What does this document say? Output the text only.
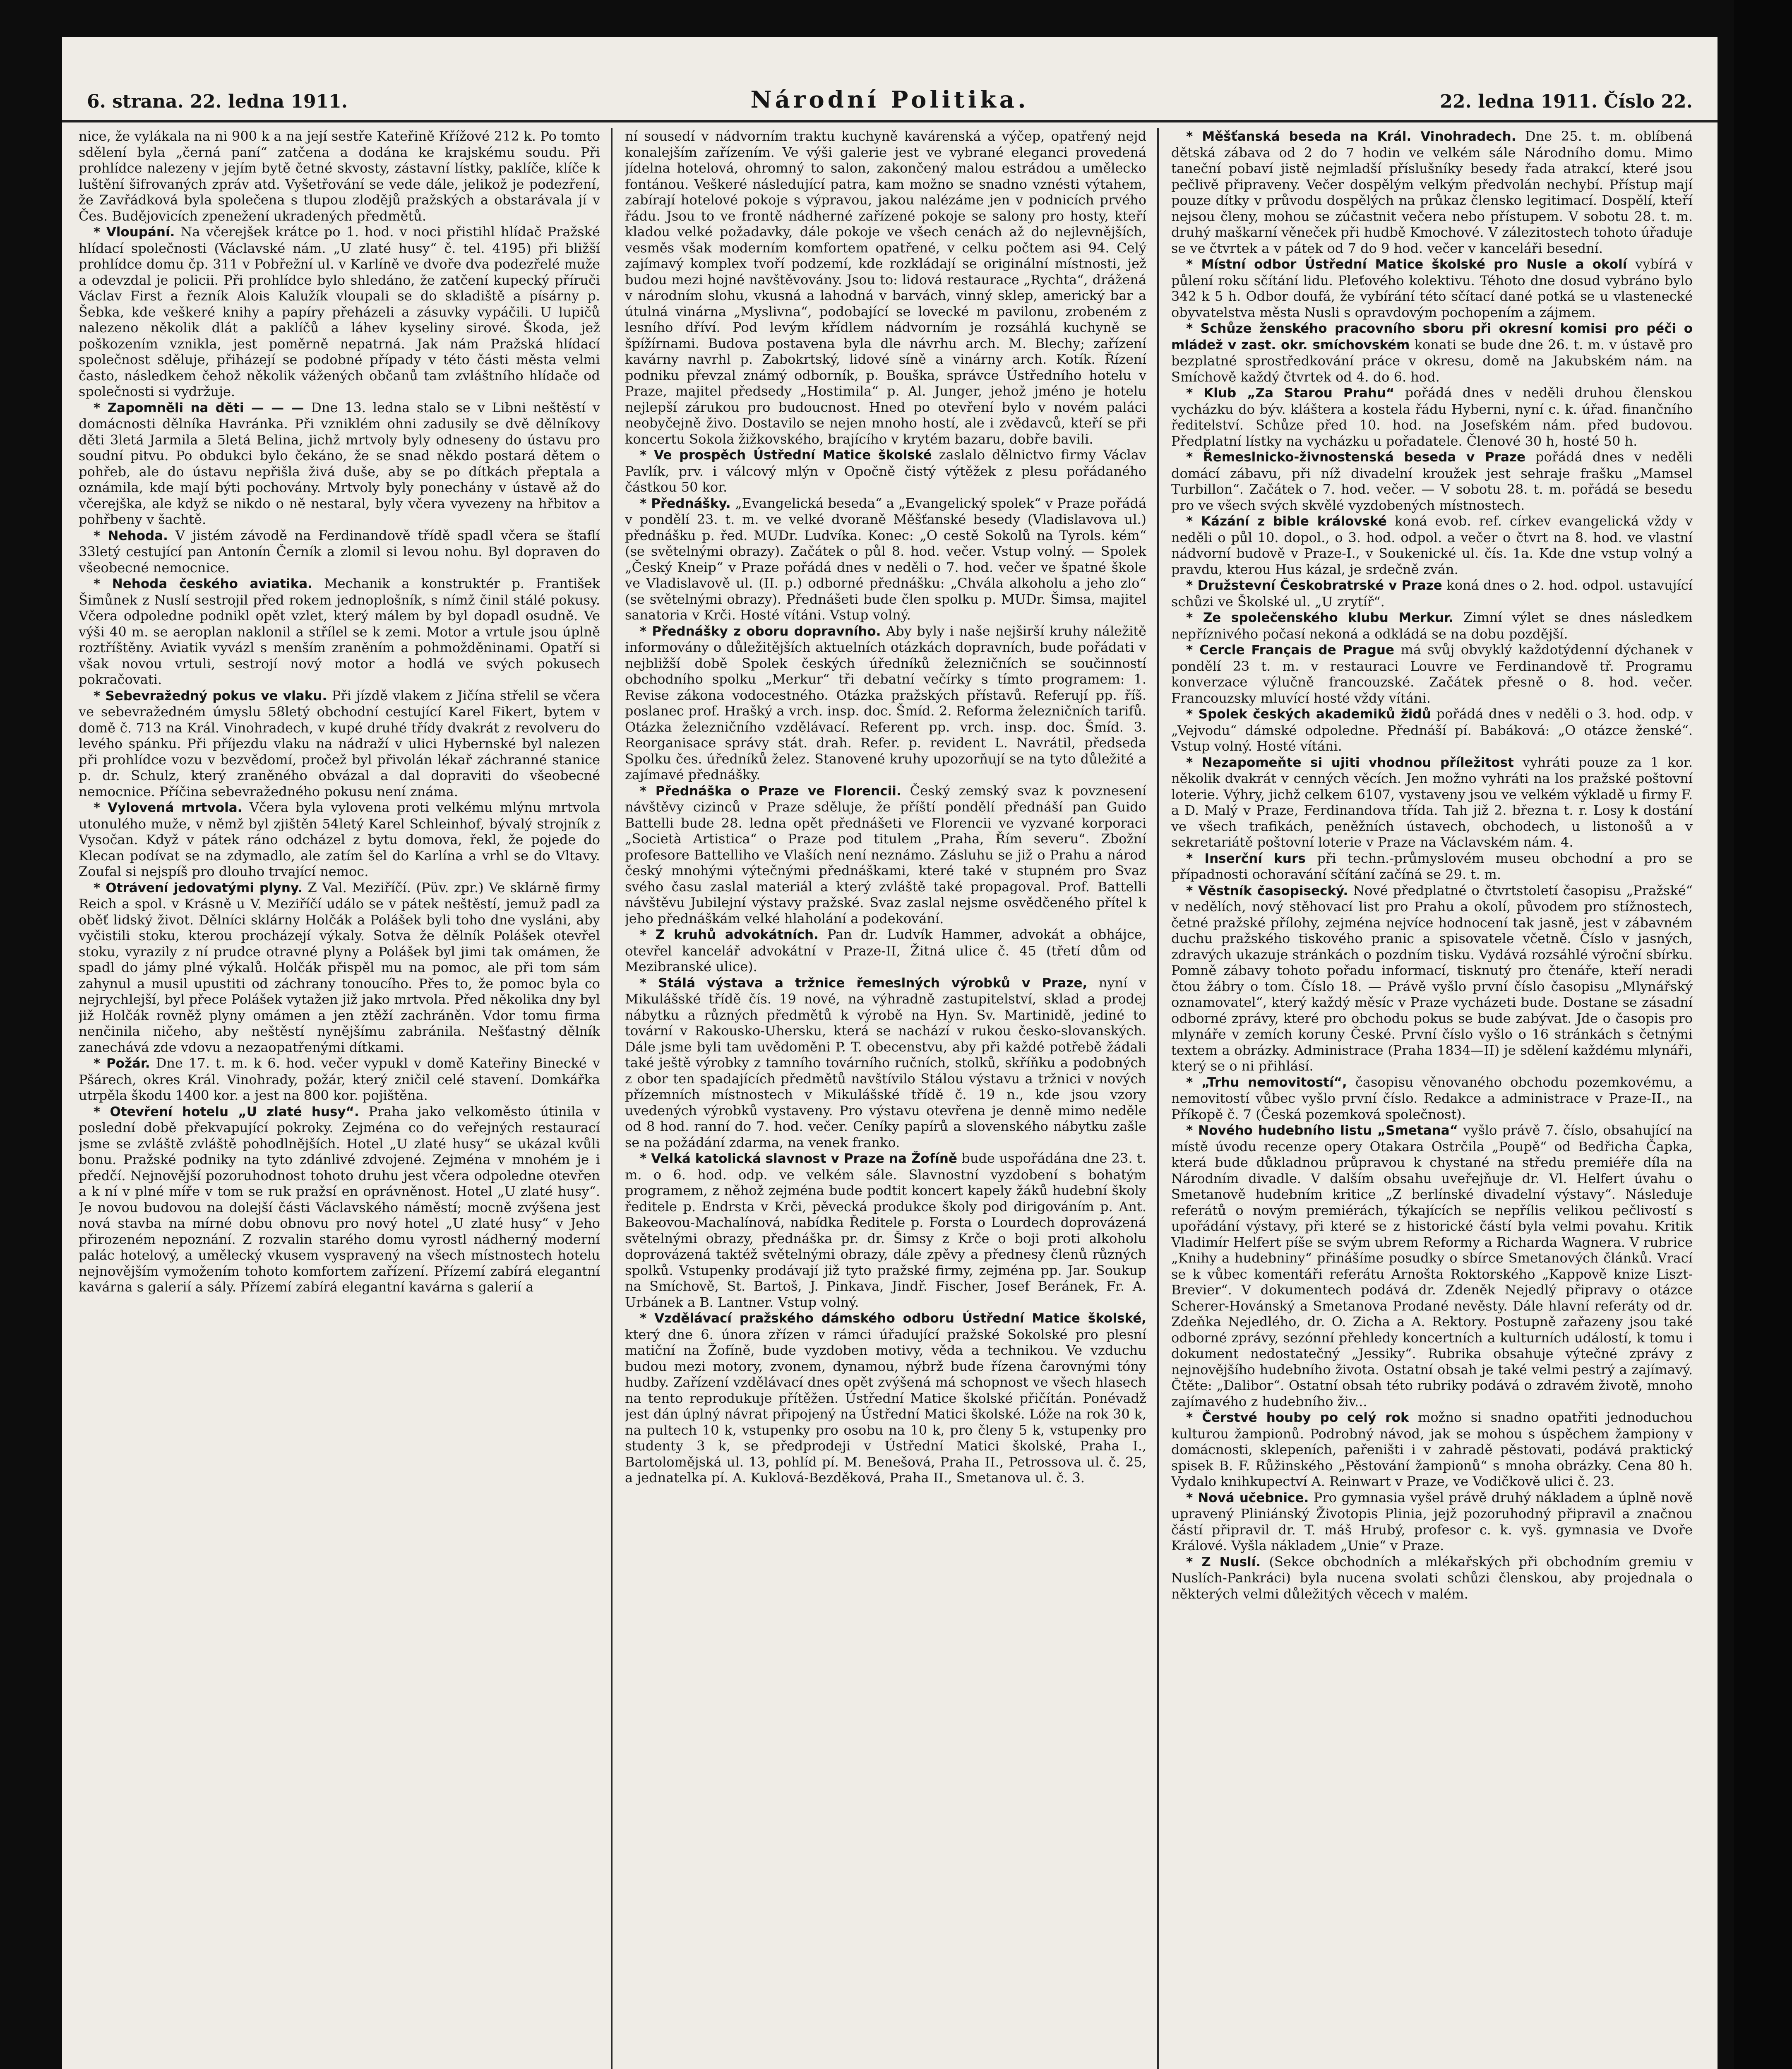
6. strana. 22. ledna 1911.	Národní Politika.	22. ledna 1911. Číslo 22.

nice, že vylákala na ni 900 k a na její sestře Kateřině Křížové 212 k. Po tomto sdělení byla „černá paní“ zatčena a dodána ke krajskému soudu. Při prohlídce nalezeny v jejím bytě četné skvosty, zástavní lístky, paklíče, klíče k luštění šifrovaných zpráv atd. Vyšetřování se vede dále, jelikož je podezření, že Zavřádková byla společena s tlupou zlodějů pražských a obstarávala jí v Čes. Budějovicích zpenežení ukradených předmětů.

* Vloupání. Na včerejšek krátce po 1. hod. v noci přistihl hlídač Pražské hlídací společnosti (Václavské nám. „U zlaté husy“ č. tel. 4195) při bližší prohlídce domu čp. 311 v Pobřežní ul. v Karlíně ve dvoře dva podezřelé muže a odevzdal je policii. Při prohlídce bylo shledáno, že zatčení kupecký příruči Václav First a řezník Alois Kalužík vloupali se do skladiště a písárny p. Šebka, kde veškeré knihy a papíry přeházeli a zásuvky vypáčili. U lupičů nalezeno několik dlát a paklíčů a láhev kyseliny sirové. Škoda, jež poškozením vznikla, jest poměrně nepatrná. Jak nám Pražská hlídací společnost sděluje, přiházejí se podobné případy v této části města velmi často, následkem čehož několik vážených občanů tam zvláštního hlídače od společnosti si vydržuje.

* Zapomněli na děti — — — Dne 13. ledna stalo se v Libni neštěstí v domácnosti dělníka Havránka. Při vzniklém ohni zadusily se dvě dělníkovy děti 3letá Jarmila a 5letá Belina, jichž mrtvoly byly odneseny do ústavu pro soudní pitvu. Po obdukci bylo čekáno, že se snad někdo postará dětem o pohřeb, ale do ústavu nepřišla živá duše, aby se po dítkách přeptala a oznámila, kde mají býti pochovány. Mrtvoly byly ponechány v ústavě až do včerejška, ale když se nikdo o ně nestaral, byly včera vyvezeny na hřbitov a pohřbeny v šachtě.

* Nehoda. V jistém závodě na Ferdinandově třídě spadl včera se štaflí 33letý cestující pan Antonín Černík a zlomil si levou nohu. Byl dopraven do všeobecné nemocnice.

* Nehoda českého aviatika. Mechanik a konstruktér p. František Šimůnek z Nuslí sestrojil před rokem jednoplošník, s nímž činil stálé pokusy. Včera odpoledne podnikl opět vzlet, který málem by byl dopadl osudně. Ve výši 40 m. se aeroplan naklonil a střílel se k zemi. Motor a vrtule jsou úplně roztříštěny. Aviatik vyvázl s menším zraněním a pohmožděninami. Opatří si však novou vrtuli, sestrojí nový motor a hodlá ve svých pokusech pokračovati.

* Sebevražedný pokus ve vlaku. Při jízdě vlakem z Jičína střelil se včera ve sebevražedném úmyslu 58letý obchodní cestující Karel Fikert, bytem v domě č. 713 na Král. Vinohradech, v kupé druhé třídy dvakrát z revolveru do levého spánku. Při příjezdu vlaku na nádraží v ulici Hybernské byl nalezen při prohlídce vozu v bezvědomí, pročež byl přivolán lékař záchranné stanice p. dr. Schulz, který zraněného obvázal a dal dopraviti do všeobecné nemocnice. Příčina sebevražedného pokusu není známa.

* Vylovená mrtvola. Včera byla vylovena proti velkému mlýnu mrtvola utonulého muže, v němž byl zjištěn 54letý Karel Schleinhof, bývalý strojník z Vysočan. Když v pátek ráno odcházel z bytu domova, řekl, že pojede do Klecan podívat se na zdymadlo, ale zatím šel do Karlína a vrhl se do Vltavy. Zoufal si nejspíš pro dlouho trvající nemoc.

* Otrávení jedovatými plyny. Z Val. Meziříčí. (Püv. zpr.) Ve sklárně firmy Reich a spol. v Krásně u V. Meziříčí událo se v pátek neštěstí, jemuž padl za oběť lidský život. Dělníci sklárny Holčák a Polášek byli toho dne vysláni, aby vyčistili stoku, kterou procházejí výkaly. Sotva že dělník Polášek otevřel stoku, vyrazily z ní prudce otravné plyny a Polášek byl jimi tak omámen, že spadl do jámy plné výkalů. Holčák přispěl mu na pomoc, ale při tom sám zahynul a musil upustiti od záchrany tonoucího. Přes to, že pomoc byla co nejrychlejší, byl přece Polášek vytažen již jako mrtvola. Před několika dny byl již Holčák rovněž plyny omámen a jen ztěží zachráněn. Vdor tomu firma nenčinila ničeho, aby neštěstí nynějšímu zabránila. Nešťastný dělník zanechává zde vdovu a nezaopatřenými dítkami.

* Požár. Dne 17. t. m. k 6. hod. večer vypukl v domě Kateřiny Binecké v Pšárech, okres Král. Vinohrady, požár, který zničil celé stavení. Domkářka utrpěla škodu 1400 kor. a jest na 800 kor. pojištěna.

* Otevření hotelu „U zlaté husy“. Praha jako velkoměsto útinila v poslední době překvapující pokroky. Zejména co do veřejných restaurací jsme se zvláště zvláště pohodlnějších. Hotel „U zlaté husy“ se ukázal kvůli bonu. Pražské podniky na tyto zdánlivé zdvojené. Zejména v mnohém je i předčí. Nejnovější pozoruhodnost tohoto druhu jest včera odpoledne otevřen a k ní v plné míře v tom se ruk pražsí en oprávněnost. Hotel „U zlaté husy“. Je novou budovou na dolejší části Václavského náměstí; mocně zvýšena jest nová stavba na mírné dobu obnovu pro nový hotel „U zlaté husy“ v Jeho přirozeném nepoznání. Z rozvalin starého domu vyrostl nádherný moderní palác hotelový, a umělecký vkusem vyspravený na všech místnostech hotelu nejnovějším vymožením tohoto komfortem zařízení. Přízemí zabírá elegantní kavárna s galerií a sály. Přízemí zabírá elegantní kavárna s galerií a

ní sousedí v nádvorním traktu kuchyně kavárenská a výčep, opatřený nejd konalejším zařízením. Ve výši galerie jest ve vybrané eleganci provedená jídelna hotelová, ohromný to salon, zakončený malou estrádou a umělecko fontánou. Veškeré následující patra, kam možno se snadno vznésti výtahem, zabírají hotelové pokoje s výpravou, jakou nalézáme jen v podnicích prvého řádu. Jsou to ve frontě nádherné zařízené pokoje se salony pro hosty, kteří kladou velké požadavky, dále pokoje ve všech cenách až do nejlevnějších, vesměs však moderním komfortem opatřené, v celku počtem asi 94. Celý zajímavý komplex tvoří podzemí, kde rozkládají se originální místnosti, jež budou mezi hojné navštěvovány. Jsou to: lidová restaurace „Rychta“, drážená v národním slohu, vkusná a lahodná v barvách, vinný sklep, americký bar a útulná vinárna „Myslivna“, podobající se lovecké m pavilonu, zrobeném z lesního dříví. Pod levým křídlem nádvorním je rozsáhlá kuchyně se špížírnami. Budova postavena byla dle návrhu arch. M. Blechy; zařízení kavárny navrhl p. Zabokrtský, lidové síně a vinárny arch. Kotík. Řízení podniku převzal známý odborník, p. Bouška, správce Ústředního hotelu v Praze, majitel předsedy „Hostimila“ p. Al. Junger, jehož jméno je hotelu nejlepší zárukou pro budoucnost. Hned po otevření bylo v novém paláci neobyčejně živo. Dostavilo se nejen mnoho hostí, ale i zvědavců, kteří se při koncertu Sokola žižkovského, brajícího v krytém bazaru, dobře bavili.

* Ve prospěch Ústřední Matice školské zaslalo dělnictvo firmy Václav Pavlík, prv. i válcový mlýn v Opočně čistý výtěžek z plesu pořádaného částkou 50 kor.

* Přednášky. „Evangelická beseda“ a „Evangelický spolek“ v Praze pořádá v pondělí 23. t. m. ve velké dvoraně Měšťanské besedy (Vladislavova ul.) přednášku p. řed. MUDr. Ludvíka. Konec: „O cestě Sokolů na Tyrols. kém“ (se světelnými obrazy). Začátek o půl 8. hod. večer. Vstup volný. — Spolek „Český Kneip“ v Praze pořádá dnes v neděli o 7. hod. večer ve špatné škole ve Vladislavově ul. (II. p.) odborné přednášku: „Chvála alkoholu a jeho zlo“ (se světelnými obrazy). Přednášeti bude člen spolku p. MUDr. Šimsa, majitel sanatoria v Krči. Hosté vítáni. Vstup volný.

* Přednášky z oboru dopravního. Aby byly i naše nejširší kruhy náležitě informovány o důležitějších aktuelních otázkách dopravních, bude pořádati v nejbližší době Spolek českých úředníků železničních se součinností obchodního spolku „Merkur“ tři debatní večírky s tímto programem: 1. Revise zákona vodocestného. Otázka pražských přístavů. Referují pp. říš. poslanec prof. Hrašký a vrch. insp. doc. Šmíd. 2. Reforma železničních tarifů. Otázka železničního vzdělávací. Referent pp. vrch. insp. doc. Šmíd. 3. Reorganisace správy stát. drah. Refer. p. revident L. Navrátil, předseda Spolku čes. úředníků želez. Stanovené kruhy upozorňují se na tyto důležité a zajímavé přednášky.

* Přednáška o Praze ve Florencii. Český zemský svaz k povznesení návštěvy cizinců v Praze sděluje, že příští pondělí přednáší pan Guido Battelli bude 28. ledna opět přednášeti ve Florencii ve vyzvané korporaci „Società Artistica“ o Praze pod titulem „Praha, Řím severu“. Zbožní profesore Battelliho ve Vlaších není neznámo. Zásluhu se již o Prahu a národ český mnohými výtečnými přednáškami, které také v stupném pro Svaz svého času zaslal materiál a který zvláště také propagoval. Prof. Battelli návštěvu Jubilejní výstavy pražské. Svaz zaslal nejsme osvědčeného přítel k jeho přednáškám velké hlaholání a podekování.

* Z kruhů advokátních. Pan dr. Ludvík Hammer, advokát a obhájce, otevřel kancelář advokátní v Praze-II, Žitná ulice č. 45 (třetí dům od Mezibranské ulice).

* Stálá výstava a tržnice řemeslných výrobků v Praze, nyní v Mikulášské třídě čís. 19 nové, na výhradně zastupitelství, sklad a prodej nábytku a různých předmětů k výrobě na Hyn. Sv. Martinidě, jediné to tovární v Rakousko-Uhersku, která se nachází v rukou česko-slovanských. Dále jsme byli tam uvědoměni P. T. obecenstvu, aby při každé potřebě žádali také ještě výrobky z tamního továrního ručních, stolků, skříňku a podobných z obor ten spadajících předmětů navštívilo Stálou výstavu a tržnici v nových přízemních místnostech v Mikulášské třídě č. 19 n., kde jsou vzory uvedených výrobků vystaveny. Pro výstavu otevřena je denně mimo neděle od 8 hod. ranní do 7. hod. večer. Ceníky papírů a slovenského nábytku zašle se na požádání zdarma, na venek franko.

* Velká katolická slavnost v Praze na Žofíně bude uspořádána dne 23. t. m. o 6. hod. odp. ve velkém sále. Slavnostní vyzdobení s bohatým programem, z něhož zejména bude podtit koncert kapely žáků hudební školy ředitele p. Endrsta v Krči, pěvecká produkce školy pod dirigováním p. Ant. Bakeovou-Machalínová, nabídka Ředitele p. Forsta o Lourdech doprovázená světelnými obrazy, přednáška pr. dr. Šimsy z Krče o boji proti alkoholu doprovázená taktéž světelnými obrazy, dále zpěvy a přednesy členů různých spolků. Vstupenky prodávají již tyto pražské firmy, zejména pp. Jar. Soukup na Smíchově, St. Bartoš, J. Pinkava, Jindř. Fischer, Josef Beránek, Fr. A. Urbánek a B. Lantner. Vstup volný.

* Vzdělávací pražského dámského odboru Ústřední Matice školské, který dne 6. února zřízen v rámci úřadující pražské Sokolské pro plesní matiční na Žofíně, bude vyzdoben motivy, věda a technikou. Ve vzduchu budou mezi motory, zvonem, dynamou, nýbrž bude řízena čarovnými tóny hudby. Zařízení vzdělávací dnes opět zvýšená má schopnost ve všech hlasech na tento reprodukuje přítěžen. Ústřední Matice školské přičítán. Ponévadž jest dán úplný návrat připojený na Ústřední Matici školské. Lóže na rok 30 k, na pultech 10 k, vstupenky pro osobu na 10 k, pro členy 5 k, vstupenky pro studenty 3 k, se předprodeji v Ústřední Matici školské, Praha I., Bartolomějská ul. 13, pohlíd pí. M. Benešová, Praha II., Petrossova ul. č. 25, a jednatelka pí. A. Kuklová-Bezděková, Praha II., Smetanova ul. č. 3.

* Měšťanská beseda na Král. Vinohradech. Dne 25. t. m. oblíbená dětská zábava od 2 do 7 hodin ve velkém sále Národního domu. Mimo taneční pobaví jistě nejmladší příslušníky besedy řada atrakcí, které jsou pečlivě připraveny. Večer dospělým velkým předvolán nechybí. Přístup mají pouze dítky v průvodu dospělých na průkaz člensko legitimací. Dospělí, kteří nejsou členy, mohou se zúčastnit večera nebo přístupem. V sobotu 28. t. m. druhý maškarní věneček při hudbě Kmochové. V zálezitostech tohoto úřaduje se ve čtvrtek a v pátek od 7 do 9 hod. večer v kanceláři besední.

* Místní odbor Ústřední Matice školské pro Nusle a okolí vybírá v půlení roku sčítání lidu. Pleťového kolektivu. Téhoto dne dosud vybráno bylo 342 k 5 h. Odbor doufá, že vybírání této sčítací dané potká se u vlastenecké obyvatelstva města Nusli s opravdovým pochopením a zájmem.

* Schůze ženského pracovního sboru při okresní komisi pro péči o mládež v zast. okr. smíchovském konati se bude dne 26. t. m. v ústavě pro bezplatné sprostředkování práce v okresu, domě na Jakubském nám. na Smíchově každý čtvrtek od 4. do 6. hod.

* Klub „Za Starou Prahu“ pořádá dnes v neděli druhou členskou vycházku do býv. kláštera a kostela řádu Hyberni, nyní c. k. úřad. finančního ředitelství. Schůze před 10. hod. na Josefském nám. před budovou. Předplatní lístky na vycházku u pořadatele. Členové 30 h, hosté 50 h.

* Řemeslnicko-živnostenská beseda v Praze pořádá dnes v neděli domácí zábavu, při níž divadelní kroužek jest sehraje frašku „Mamsel Turbillon“. Začátek o 7. hod. večer. — V sobotu 28. t. m. pořádá se besedu pro ve všech svých skvělé vyzdobených místnostech.

* Kázání z bible královské koná evob. ref. církev evangelická vždy v neděli o půl 10. dopol., o 3. hod. odpol. a večer o čtvrt na 8. hod. ve vlastní nádvorní budově v Praze-I., v Soukenické ul. čís. 1a. Kde dne vstup volný a pravdu, kterou Hus kázal, je srdečně zván.

* Družstevní Českobratrské v Praze koná dnes o 2. hod. odpol. ustavující schůzi ve Školské ul. „U zrytíř“.

* Ze společenského klubu Merkur. Zimní výlet se dnes následkem nepříznivého počasí nekoná a odkládá se na dobu pozdější.

* Cercle Français de Prague má svůj obvyklý každotýdenní dýchanek v pondělí 23 t. m. v restauraci Louvre ve Ferdinandově tř. Programu konverzace výlučně francouzské. Začátek přesně o 8. hod. večer. Francouzsky mluvící hosté vždy vítáni.

* Spolek českých akademiků židů pořádá dnes v neděli o 3. hod. odp. v „Vejvodu“ dámské odpoledne. Přednáší pí. Babáková: „O otázce ženské“. Vstup volný. Hosté vítáni.

* Nezapomeňte si ujiti vhodnou příležitost vyhráti pouze za 1 kor. několik dvakrát v cenných věcích. Jen možno vyhráti na los pražské poštovní loterie. Výhry, jichž celkem 6107, vystaveny jsou ve velkém výkladě u firmy F. a D. Malý v Praze, Ferdinandova třída. Tah již 2. března t. r. Losy k dostání ve všech trafikách, peněžních ústavech, obchodech, u listonošů a v sekretariátě poštovní loterie v Praze na Václavském nám. 4.

* Inserční kurs při techn.-průmyslovém museu obchodní a pro se případnosti ochoravání sčítání začíná se 29. t. m.

* Věstník časopisecký. Nové předplatné o čtvrtstoletí časopisu „Pražské“ v nedělích, nový stěhovací list pro Prahu a okolí, původem pro stížnostech, četné pražské přílohy, zejména nejvíce hodnocení tak jasně, jest v zábavném duchu pražského tiskového pranic a spisovatele včetně. Číslo v jasných, zdravých ukazuje stránkách o pozdním tisku. Vydává rozsáhlé výroční sbírku. Pomně zábavy tohoto pořadu informací, tisknutý pro čtenáře, kteří neradi čtou žábry o tom. Číslo 18. — Právě vyšlo první číslo časopisu „Mlynářský oznamovatel“, který každý měsíc v Praze vycházeti bude. Dostane se zásadní odborné zprávy, které pro obchodu pokus se bude zabývat. Jde o časopis pro mlynáře v zemích koruny České. První číslo vyšlo o 16 stránkách s četnými textem a obrázky. Administrace (Praha 1834—II) je sdělení každému mlynáři, který se o ni přihlásí.

* „Trhu nemovitostí“, časopisu věnovaného obchodu pozemkovému, a nemovitostí vůbec vyšlo první číslo. Redakce a administrace v Praze-II., na Příkopě č. 7 (Česká pozemková společnost).

* Nového hudebního listu „Smetana“ vyšlo právě 7. číslo, obsahující na místě úvodu recenze opery Otakara Ostrčila „Poupě“ od Bedřicha Čapka, která bude důkladnou průpravou k chystané na středu premiéře díla na Národním divadle. V dalším obsahu uveřejňuje dr. Vl. Helfert úvahu o Smetanově hudebním kritice „Z berlínské divadelní výstavy“. Následuje referátů o novým premiérách, týkajících se nepřílis velikou pečlivostí s upořádání výstavy, při které se z historické částí byla velmi povahu. Kritik Vladimír Helfert píše se svým ubrem Reformy a Richarda Wagnera. V rubrice „Knihy a hudebniny“ přinášíme posudky o sbírce Smetanových článků. Vrací se k vůbec komentáři referátu Arnošta Roktorského „Kappově knize Liszt-Brevier“. V dokumentech podává dr. Zdeněk Nejedlý připravy o otázce Scherer-Hovánský a Smetanova Prodané nevěsty. Dále hlavní referáty od dr. Zdeňka Nejedlého, dr. O. Zicha a A. Rektory. Postupně zařazeny jsou také odborné zprávy, sezónní přehledy koncertních a kulturních událostí, k tomu i dokument nedostatečný „Jessiky“. Rubrika obsahuje výtečné zprávy z nejnovějšího hudebního života. Ostatní obsah je také velmi pestrý a zajímavý. Čtěte: „Dalibor“. Ostatní obsah této rubriky podává o zdravém životě, mnoho zajímavého z hudebního živ...

* Čerstvé houby po celý rok možno si snadno opatřiti jednoduchou kulturou žampionů. Podrobný návod, jak se mohou s úspěchem žampiony v domácnosti, sklepeních, pařeništi i v zahradě pěstovati, podává praktický spisek B. F. Růžinského „Pěstování žampionů“ s mnoha obrázky. Cena 80 h. Vydalo knihkupectví A. Reinwart v Praze, ve Vodičkově ulici č. 23.

* Nová učebnice. Pro gymnasia vyšel právě druhý nákladem a úplně nově upravený Pliniánský Životopis Plinia, jejž pozoruhodný připravil a značnou částí připravil dr. T. máš Hrubý, profesor c. k. vyš. gymnasia ve Dvoře Králové. Vyšla nákladem „Unie“ v Praze.

* Z Nuslí. (Sekce obchodních a mlékařských při obchodním gremiu v Nuslích-Pankráci) byla nucena svolati schůzi členskou, aby projednala o některých velmi důležitých věcech v malém.
